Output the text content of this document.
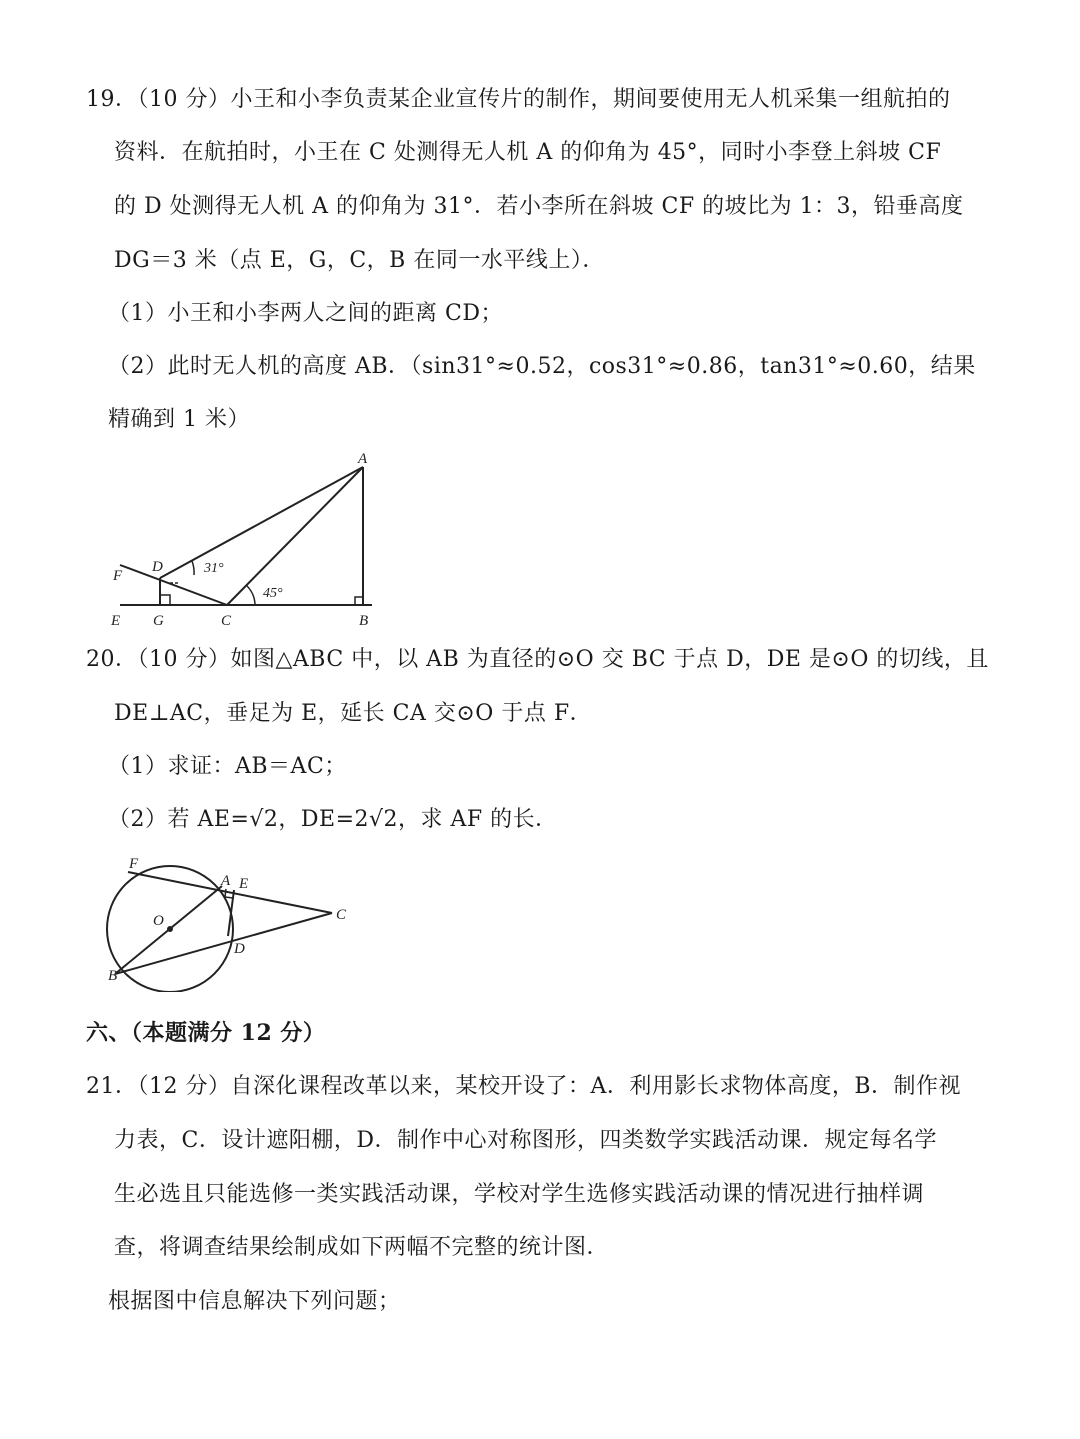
19．（10 分）小王和小李负责某企业宣传片的制作，期间要使用无人机采集一组航拍的
资料．在航拍时，小王在 C 处测得无人机 A 的仰角为 45°，同时小李登上斜坡 CF
的 D 处测得无人机 A 的仰角为 31°．若小李所在斜坡 CF 的坡比为 1：3，铅垂高度
DG＝3 米（点 E，G，C，B 在同一水平线上）．
（1）小王和小李两人之间的距离 CD；
（2）此时无人机的高度 AB．（sin31°≈0.52，cos31°≈0.86，tan31°≈0.60，结果
精确到 1 米）
A
D
F
E G	C	B
31°
45°
20．（10 分）如图△ABC 中，以 AB 为直径的⊙O 交 BC 于点 D，DE 是⊙O 的切线，且
DE⊥AC，垂足为 E，延长 CA 交⊙O 于点 F．
（1）求证：AB＝AC；
（2）若 AE=√2，DE=2√2，求 AF 的长．
F
A E
O	C
D
B
六、（本题满分 12 分）
21．（12 分）自深化课程改革以来，某校开设了：A．利用影长求物体高度，B．制作视
力表，C．设计遮阳棚，D．制作中心对称图形，四类数学实践活动课．规定每名学
生必选且只能选修一类实践活动课，学校对学生选修实践活动课的情况进行抽样调
查，将调查结果绘制成如下两幅不完整的统计图．
根据图中信息解决下列问题；
